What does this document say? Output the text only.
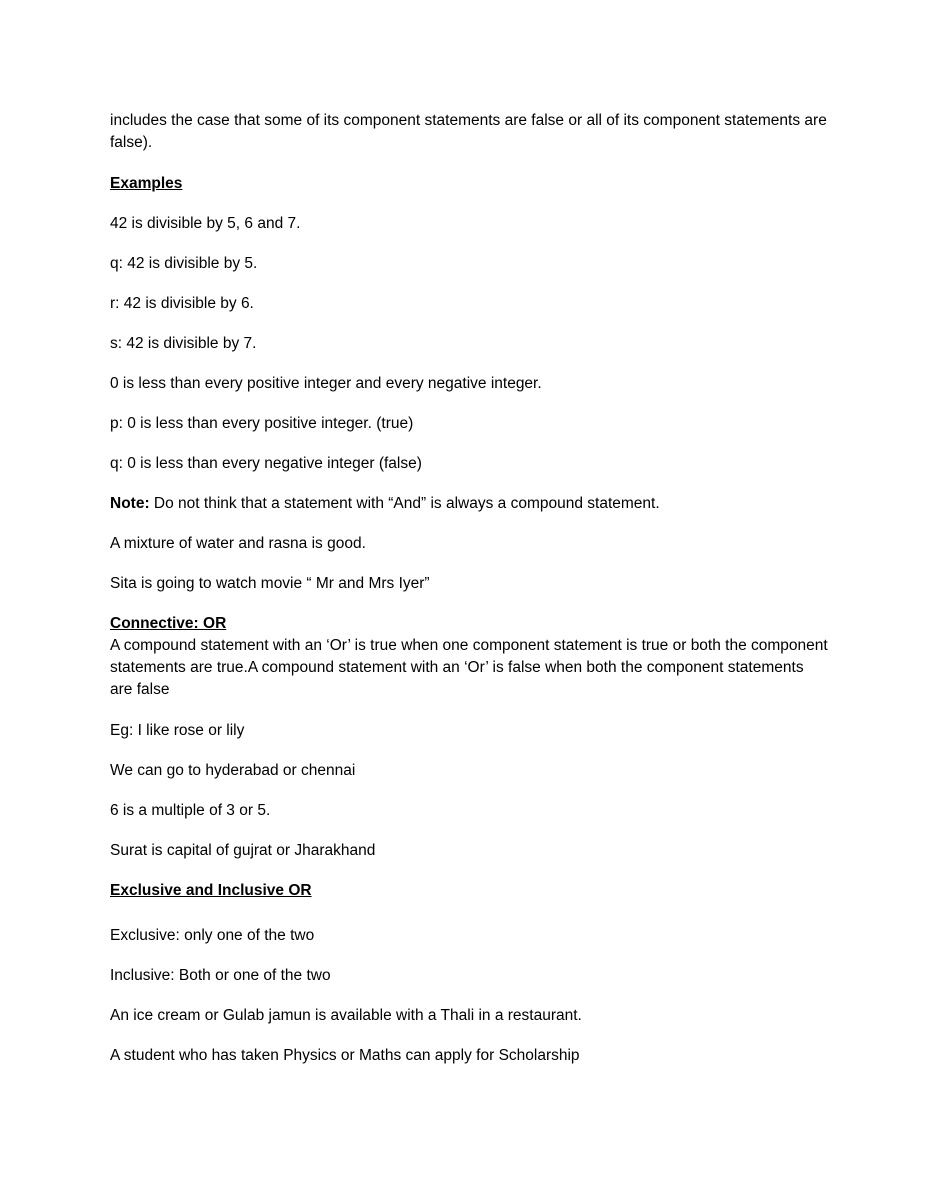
includes the case that some of its component statements are false or all of its component statements are false).

Examples

42 is divisible by 5, 6 and 7.

q: 42 is divisible by 5.

r: 42 is divisible by 6.

s: 42 is divisible by 7.

0 is less than every positive integer and every negative integer.

p: 0 is less than every positive integer. (true)

q: 0 is less than every negative integer (false)

Note: Do not think that a statement with “And” is always a compound statement.

A mixture of water and rasna is good.

Sita is going to watch movie “ Mr and Mrs Iyer”

Connective: OR

A compound statement with an ‘Or’ is true when one component statement is true or both the component statements are true.A compound statement with an ‘Or’ is false when both the component statements are false

Eg: I like rose or lily

We can go to hyderabad or chennai

6 is a multiple of 3 or 5.

Surat is capital of gujrat or Jharakhand

Exclusive and Inclusive OR

Exclusive: only one of the two

Inclusive: Both or one of the two

An ice cream or Gulab jamun is available with a Thali in a restaurant.

A student who has taken Physics or Maths can apply for Scholarship
